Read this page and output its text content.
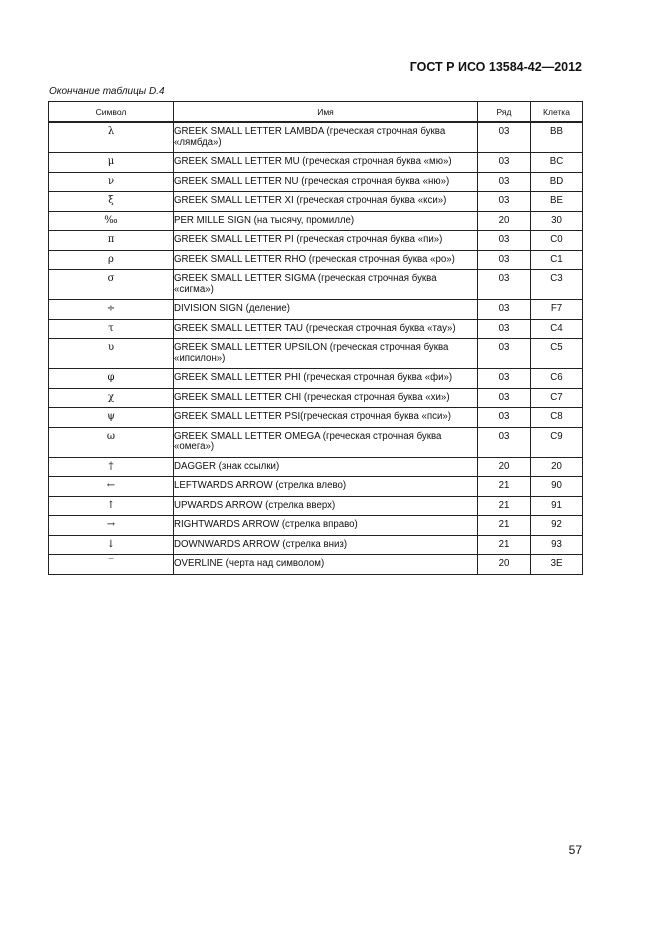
ГОСТ Р ИСО 13584-42—2012
Окончание таблицы D.4
Символ	Имя	Ряд	Клетка
λ	GREEK SMALL LETTER LAMBDA (греческая строчная буква «лямбда»)	03	BB
μ	GREEK SMALL LETTER MU (греческая строчная буква «мю»)	03	BC
ν	GREEK SMALL LETTER NU (греческая строчная буква «ню»)	03	BD
ξ	GREEK SMALL LETTER XI (греческая строчная буква «кси»)	03	BE
‰	PER MILLE SIGN (на тысячу, промилле)	20	30
π	GREEK SMALL LETTER PI (греческая строчная буква «пи»)	03	C0
ρ	GREEK SMALL LETTER RHO (греческая строчная буква «ро»)	03	C1
σ	GREEK SMALL LETTER SIGMA (греческая строчная буква «сигма»)	03	C3
÷	DIVISION SIGN (деление)	03	F7
τ	GREEK SMALL LETTER TAU (греческая строчная буква «тау»)	03	C4
υ	GREEK SMALL LETTER UPSILON (греческая строчная буква «ипсилон»)	03	C5
φ	GREEK SMALL LETTER PHI (греческая строчная буква «фи»)	03	C6
χ	GREEK SMALL LETTER CHI (греческая строчная буква «хи»)	03	C7
ψ	GREEK SMALL LETTER PSI(греческая строчная буква «пси»)	03	C8
ω	GREEK SMALL LETTER OMEGA (греческая строчная буква «омега»)	03	C9
†	DAGGER (знак ссылки)	20	20
←	LEFTWARDS ARROW (стрелка влево)	21	90
↑	UPWARDS ARROW (стрелка вверх)	21	91
→	RIGHTWARDS ARROW (стрелка вправо)	21	92
↓	DOWNWARDS ARROW (стрелка вниз)	21	93
‾	OVERLINE (черта над символом)	20	3E
57
